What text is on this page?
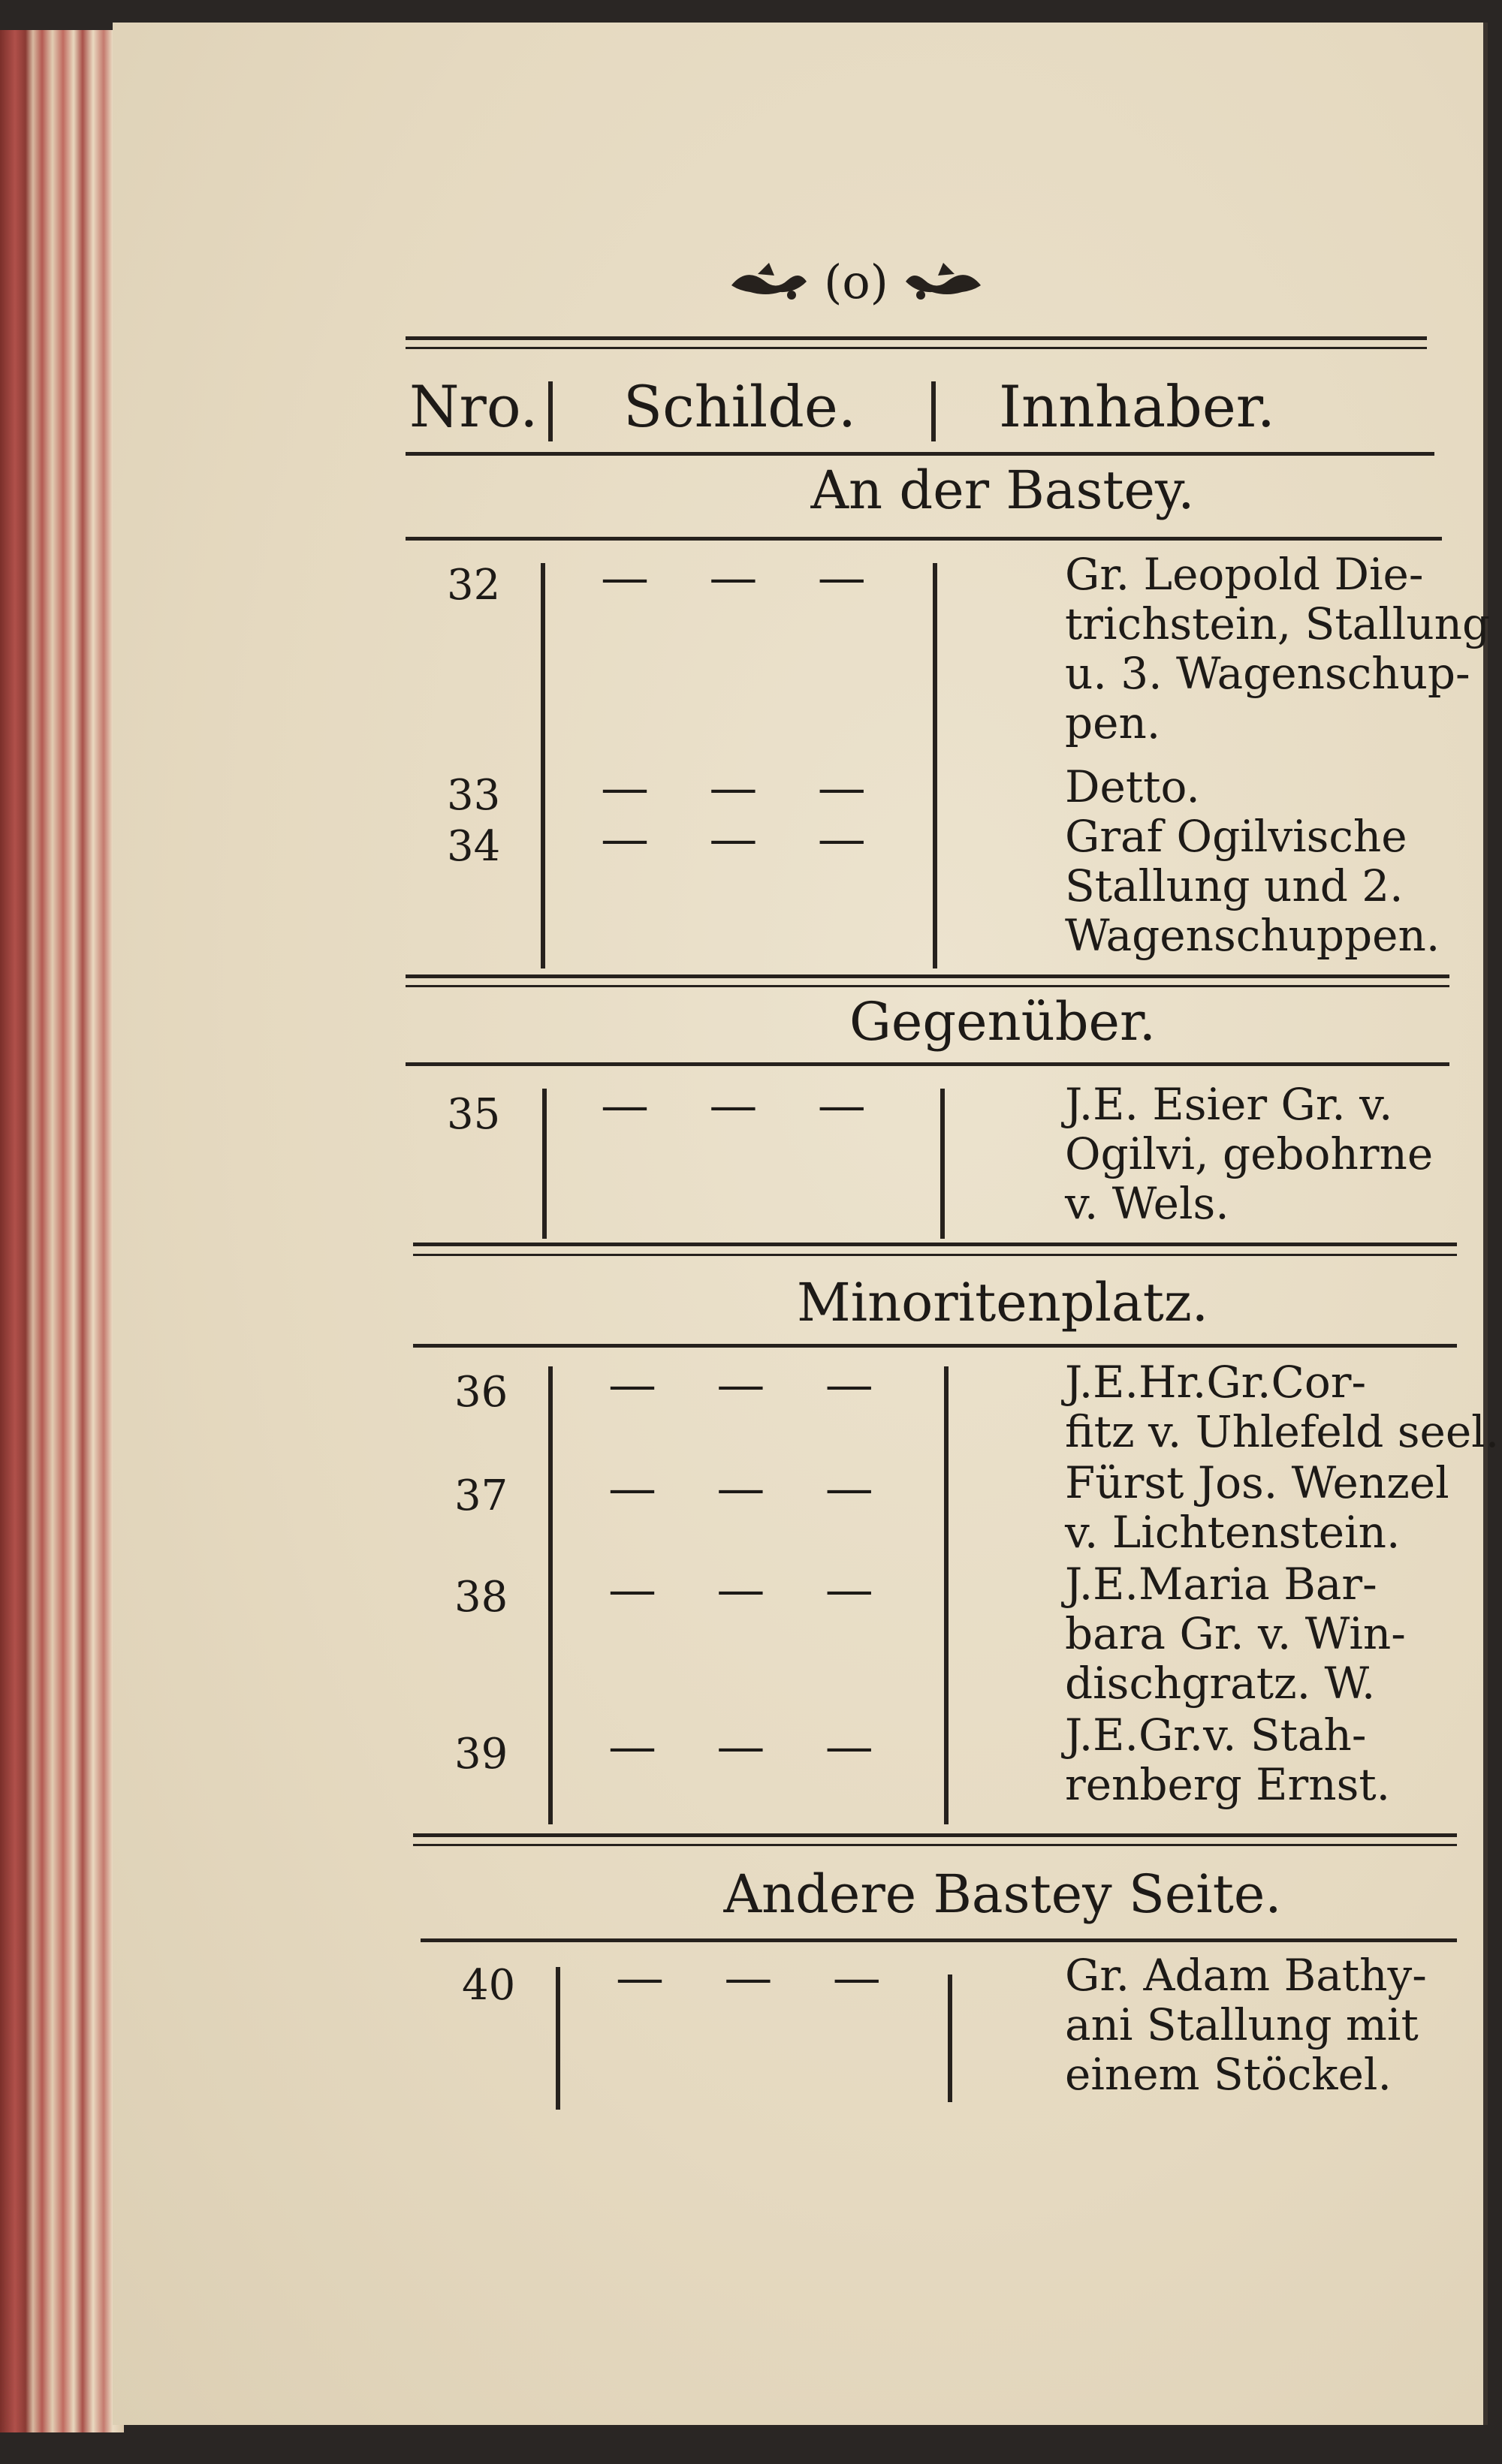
(o)
Nro. Schilde.	Innhaber.
An der Bastey.
32 — — —	Gr. Leopold Die-

trichstein, Stallung

u. 3. Wagenschup-

pen.

33 — — —	Detto.

34 — — —	Graf Ogilvische

Stallung und 2.

Wagenschuppen.

Gegenüber.
35 — — —	J.E. Esier Gr. v.

Ogilvi, gebohrne

v. Wels.

Minoritenplatz.
36 — — —	J.E.Hr.Gr.Cor-

fitz v. Uhlefeld seel.

37 — — —	Fürst Jos. Wenzel

v. Lichtenstein.

38 — — —	J.E.Maria Bar-

bara Gr. v. Win-

dischgratz. W.

39 — — —	J.E.Gr.v. Stah-

renberg Ernst.

Andere Bastey Seite.
40 — — —	Gr. Adam Bathy-

ani Stallung mit

einem Stöckel.
